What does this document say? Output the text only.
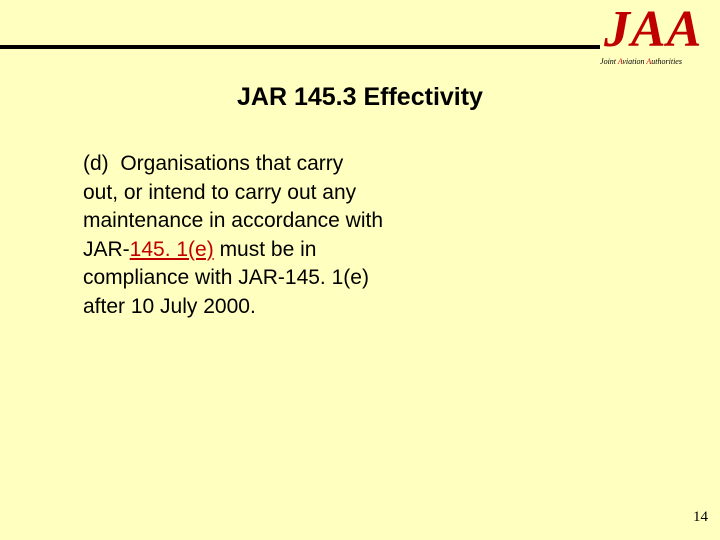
JAA
Joint Aviation Authorities
JAR 145.3 Effectivity
(d) Organisations that carry out, or intend to carry out any maintenance in accordance with JAR-145. 1(e) must be in compliance with JAR-145. 1(e) after 10 July 2000.
14
